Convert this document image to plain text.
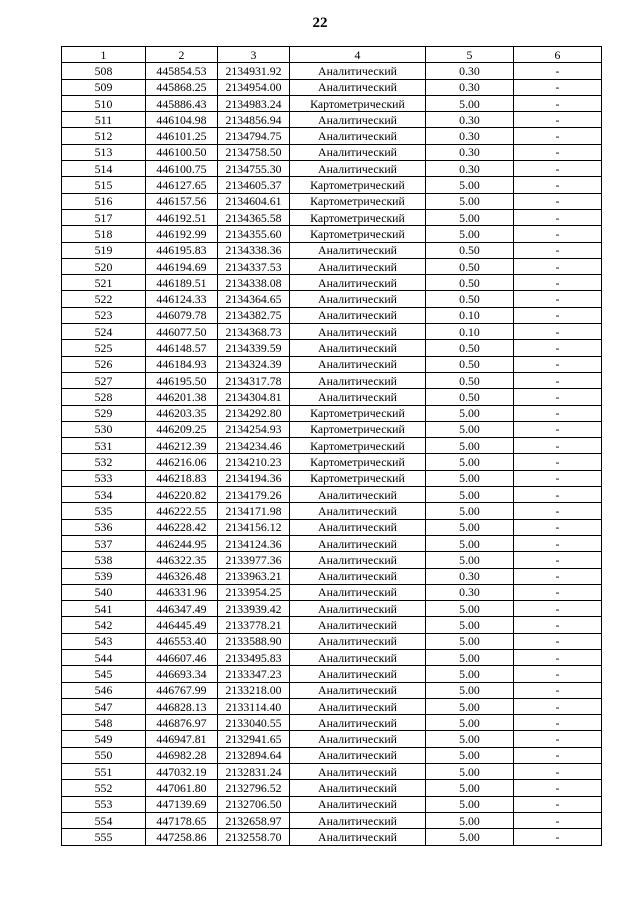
22
1	2	3	4	5	6
508	445854.53	2134931.92	Аналитический	0.30	-
509	445868.25	2134954.00	Аналитический	0.30	-
510	445886.43	2134983.24	Картометрический	5.00	-
511	446104.98	2134856.94	Аналитический	0.30	-
512	446101.25	2134794.75	Аналитический	0.30	-
513	446100.50	2134758.50	Аналитический	0.30	-
514	446100.75	2134755.30	Аналитический	0.30	-
515	446127.65	2134605.37	Картометрический	5.00	-
516	446157.56	2134604.61	Картометрический	5.00	-
517	446192.51	2134365.58	Картометрический	5.00	-
518	446192.99	2134355.60	Картометрический	5.00	-
519	446195.83	2134338.36	Аналитический	0.50	-
520	446194.69	2134337.53	Аналитический	0.50	-
521	446189.51	2134338.08	Аналитический	0.50	-
522	446124.33	2134364.65	Аналитический	0.50	-
523	446079.78	2134382.75	Аналитический	0.10	-
524	446077.50	2134368.73	Аналитический	0.10	-
525	446148.57	2134339.59	Аналитический	0.50	-
526	446184.93	2134324.39	Аналитический	0.50	-
527	446195.50	2134317.78	Аналитический	0.50	-
528	446201.38	2134304.81	Аналитический	0.50	-
529	446203.35	2134292.80	Картометрический	5.00	-
530	446209.25	2134254.93	Картометрический	5.00	-
531	446212.39	2134234.46	Картометрический	5.00	-
532	446216.06	2134210.23	Картометрический	5.00	-
533	446218.83	2134194.36	Картометрический	5.00	-
534	446220.82	2134179.26	Аналитический	5.00	-
535	446222.55	2134171.98	Аналитический	5.00	-
536	446228.42	2134156.12	Аналитический	5.00	-
537	446244.95	2134124.36	Аналитический	5.00	-
538	446322.35	2133977.36	Аналитический	5.00	-
539	446326.48	2133963.21	Аналитический	0.30	-
540	446331.96	2133954.25	Аналитический	0.30	-
541	446347.49	2133939.42	Аналитический	5.00	-
542	446445.49	2133778.21	Аналитический	5.00	-
543	446553.40	2133588.90	Аналитический	5.00	-
544	446607.46	2133495.83	Аналитический	5.00	-
545	446693.34	2133347.23	Аналитический	5.00	-
546	446767.99	2133218.00	Аналитический	5.00	-
547	446828.13	2133114.40	Аналитический	5.00	-
548	446876.97	2133040.55	Аналитический	5.00	-
549	446947.81	2132941.65	Аналитический	5.00	-
550	446982.28	2132894.64	Аналитический	5.00	-
551	447032.19	2132831.24	Аналитический	5.00	-
552	447061.80	2132796.52	Аналитический	5.00	-
553	447139.69	2132706.50	Аналитический	5.00	-
554	447178.65	2132658.97	Аналитический	5.00	-
555	447258.86	2132558.70	Аналитический	5.00	-
